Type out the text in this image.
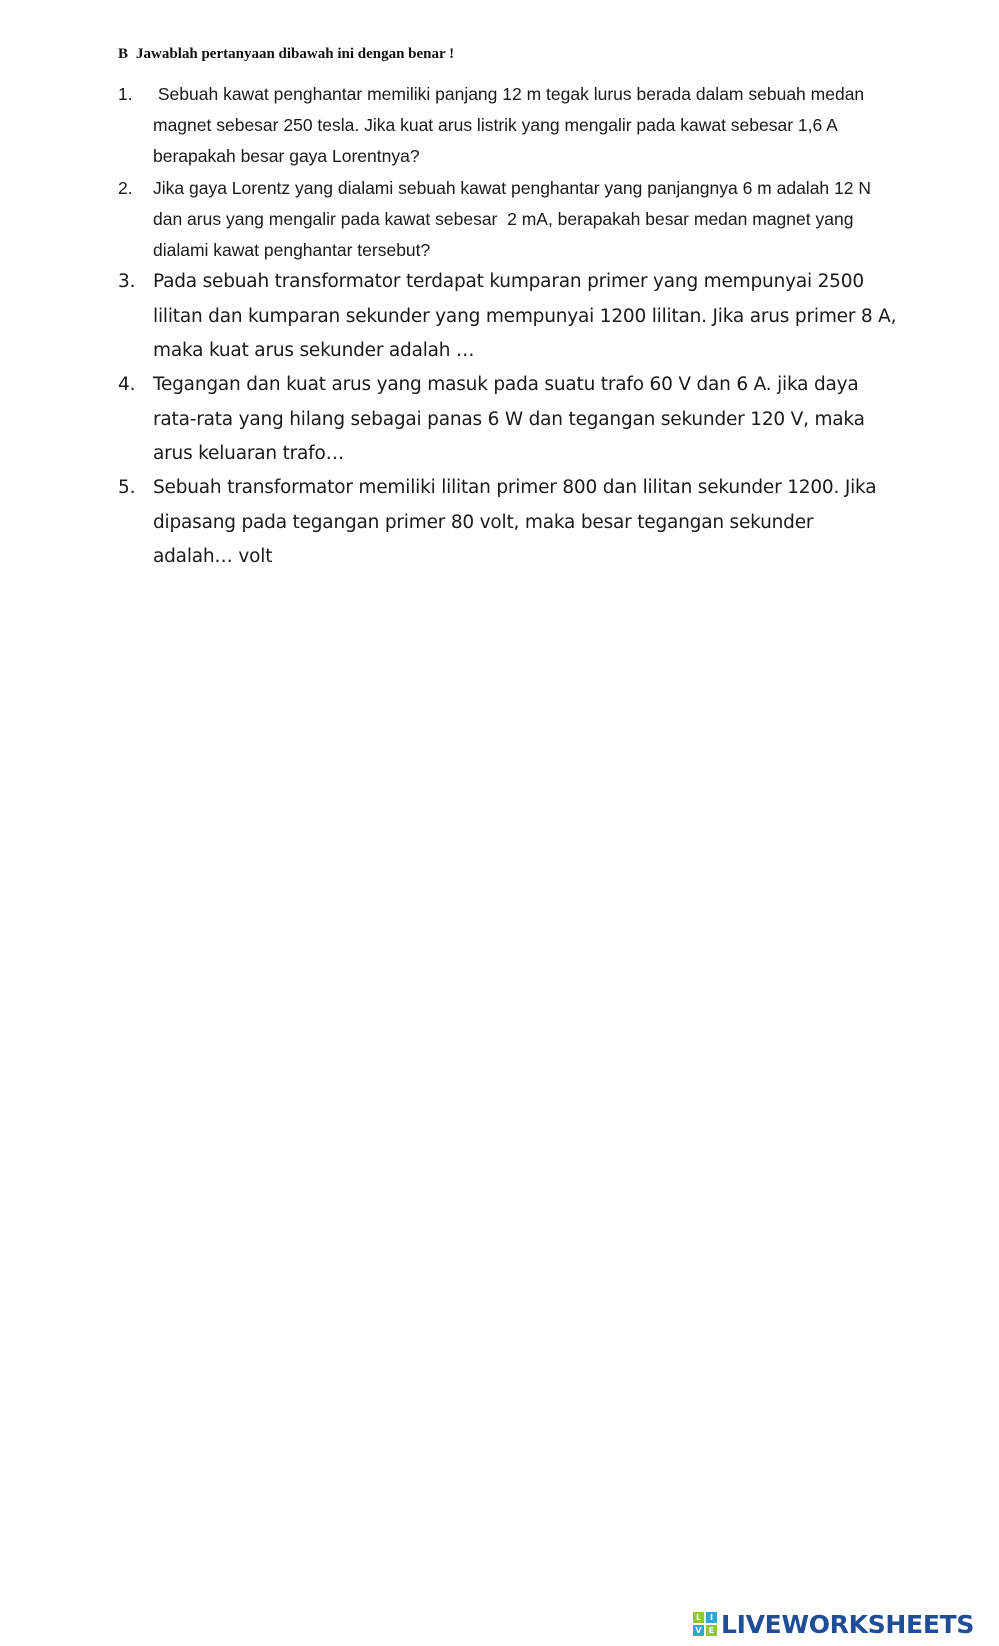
B Jawablah pertanyaan dibawah ini dengan benar !
1. Sebuah kawat penghantar memiliki panjang 12 m tegak lurus berada dalam sebuah medan magnet sebesar 250 tesla. Jika kuat arus listrik yang mengalir pada kawat sebesar 1,6 A berapakah besar gaya Lorentnya?
2. Jika gaya Lorentz yang dialami sebuah kawat penghantar yang panjangnya 6 m adalah 12 N dan arus yang mengalir pada kawat sebesar  2 mA, berapakah besar medan magnet yang dialami kawat penghantar tersebut?
3. Pada sebuah transformator terdapat kumparan primer yang mempunyai 2500 lilitan dan kumparan sekunder yang mempunyai 1200 lilitan. Jika arus primer 8 A, maka kuat arus sekunder adalah …
4. Tegangan dan kuat arus yang masuk pada suatu trafo 60 V dan 6 A. jika daya rata-rata yang hilang sebagai panas 6 W dan tegangan sekunder 120 V, maka arus keluaran trafo…
5. Sebuah transformator memiliki lilitan primer 800 dan lilitan sekunder 1200. Jika dipasang pada tegangan primer 80 volt, maka besar tegangan sekunder adalah… volt
L	I
V E LIVEWORKSHEETS
